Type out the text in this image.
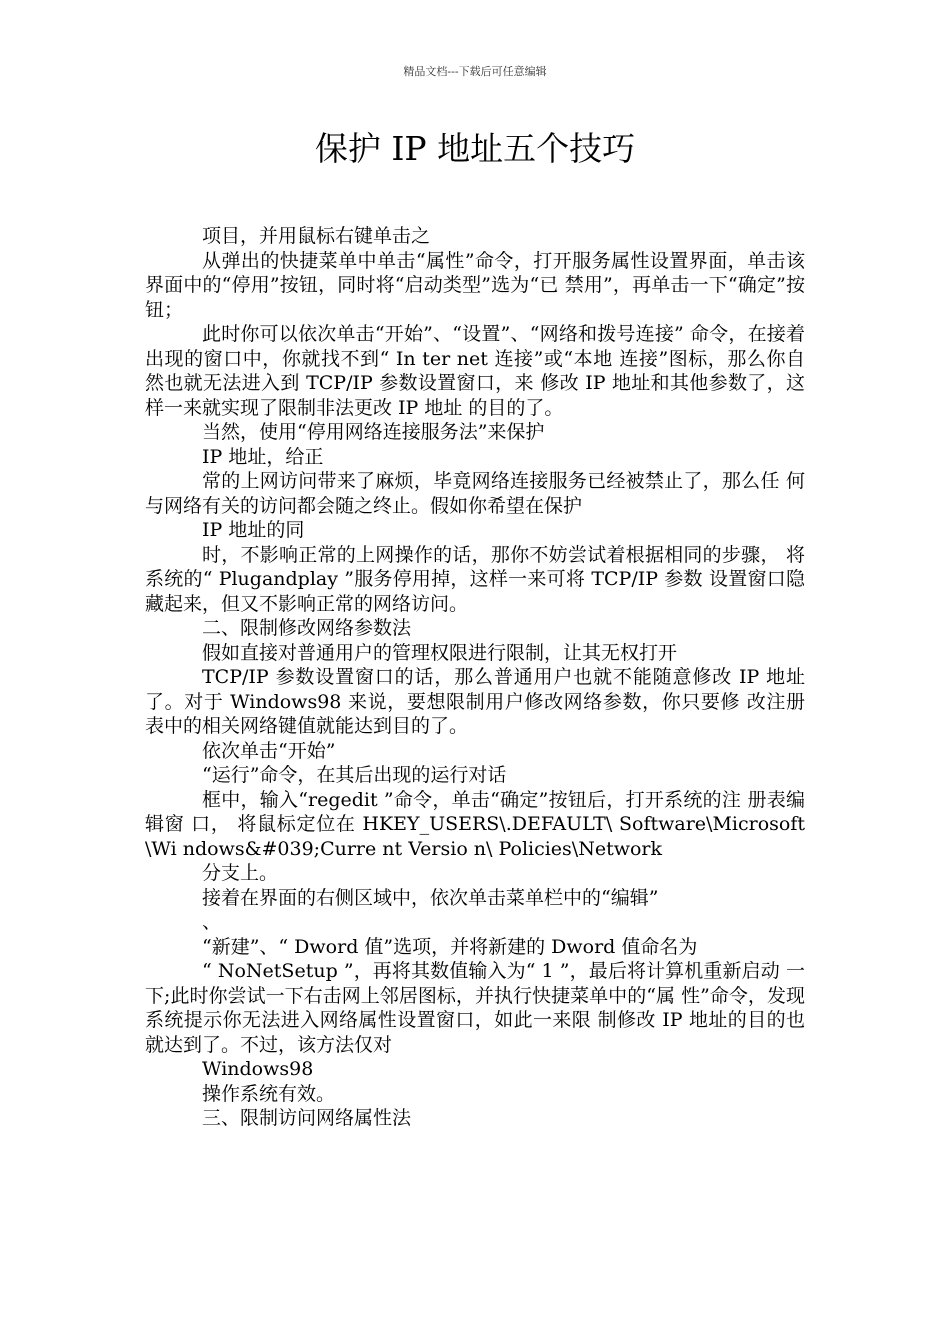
精品文档---下载后可任意编辑
保护 IP 地址五个技巧

项目，并用鼠标右键单击之

从弹出的快捷菜单中单击“属性”命令，打开服务属性设置界面，单击该界面中的“停用”按钮，同时将“启动类型”选为“已 禁用”，再单击一下“确定”按钮；

此时你可以依次单击“开始”、“设置”、“网络和拨号连接” 命令，在接着出现的窗口中，你就找不到“ In ter net 连接”或“本地 连接”图标，那么你自然也就无法进入到 TCP/IP 参数设置窗口，来 修改 IP 地址和其他参数了，这样一来就实现了限制非法更改 IP 地址 的目的了。

当然，使用“停用网络连接服务法”来保护

IP 地址，给正

常的上网访问带来了麻烦，毕竟网络连接服务已经被禁止了，那么任 何与网络有关的访问都会随之终止。假如你希望在保护

IP 地址的同

时，不影响正常的上网操作的话，那你不妨尝试着根据相同的步骤， 将系统的“ Plugandplay ”服务停用掉，这样一来可将 TCP/IP 参数 设置窗口隐藏起来，但又不影响正常的网络访问。

二、限制修改网络参数法

假如直接对普通用户的管理权限进行限制，让其无权打开

TCP/IP 参数设置窗口的话，那么普通用户也就不能随意修改 IP 地址 了。对于 Windows98 来说，要想限制用户修改网络参数，你只要修 改注册表中的相关网络键值就能达到目的了。

依次单击“开始”

“运行”命令，在其后出现的运行对话

框中，输入“regedit ”命令，单击“确定”按钮后，打开系统的注 册表编辑窗 口， 将鼠标定位在 HKEY_USERS\.DEFAULT\ Software\Microsoft\Wi ndows&#039;Curre nt Versio n\ Policies\Network

分支上。

接着在界面的右侧区域中，依次单击菜单栏中的“编辑”

、

“新建”、“ Dword 值”选项，并将新建的 Dword 值命名为

“ NoNetSetup ”，再将其数值输入为“ 1 ”，最后将计算机重新启动 一下;此时你尝试一下右击网上邻居图标，并执行快捷菜单中的“属 性”命令，发现系统提示你无法进入网络属性设置窗口，如此一来限 制修改 IP 地址的目的也就达到了。不过，该方法仅对

Windows98

操作系统有效。

三、限制访问网络属性法
